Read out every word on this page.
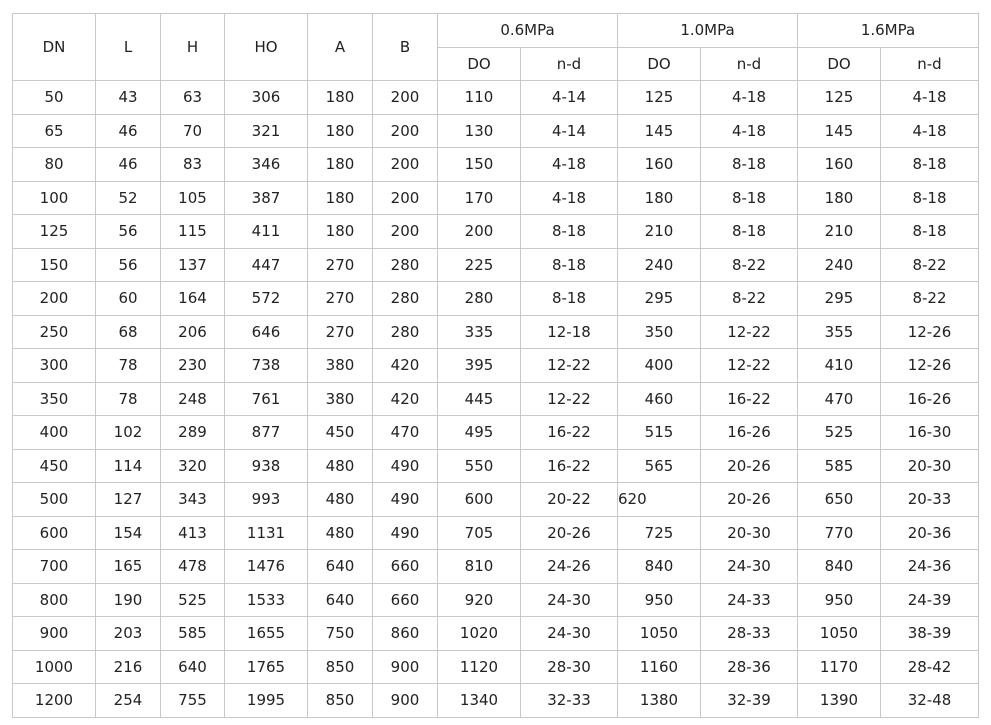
DN	L	H	HO	A	B	0.6MPa		1.0MPa		1.6MPa	
						DO	n-d	DO	n-d	DO	n-d
50	43	63	306	180	200	110	4-14	125	4-18	125	4-18
65	46	70	321	180	200	130	4-14	145	4-18	145	4-18
80	46	83	346	180	200	150	4-18	160	8-18	160	8-18
100	52	105	387	180	200	170	4-18	180	8-18	180	8-18
125	56	115	411	180	200	200	8-18	210	8-18	210	8-18
150	56	137	447	270	280	225	8-18	240	8-22	240	8-22
200	60	164	572	270	280	280	8-18	295	8-22	295	8-22
250	68	206	646	270	280	335	12-18	350	12-22	355	12-26
300	78	230	738	380	420	395	12-22	400	12-22	410	12-26
350	78	248	761	380	420	445	12-22	460	16-22	470	16-26
400	102	289	877	450	470	495	16-22	515	16-26	525	16-30
450	114	320	938	480	490	550	16-22	565	20-26	585	20-30
500	127	343	993	480	490	600	20-22	620	20-26	650	20-33
600	154	413	1131	480	490	705	20-26	725	20-30	770	20-36
700	165	478	1476	640	660	810	24-26	840	24-30	840	24-36
800	190	525	1533	640	660	920	24-30	950	24-33	950	24-39
900	203	585	1655	750	860	1020	24-30	1050	28-33	1050	38-39
1000	216	640	1765	850	900	1120	28-30	1160	28-36	1170	28-42
1200	254	755	1995	850	900	1340	32-33	1380	32-39	1390	32-48
